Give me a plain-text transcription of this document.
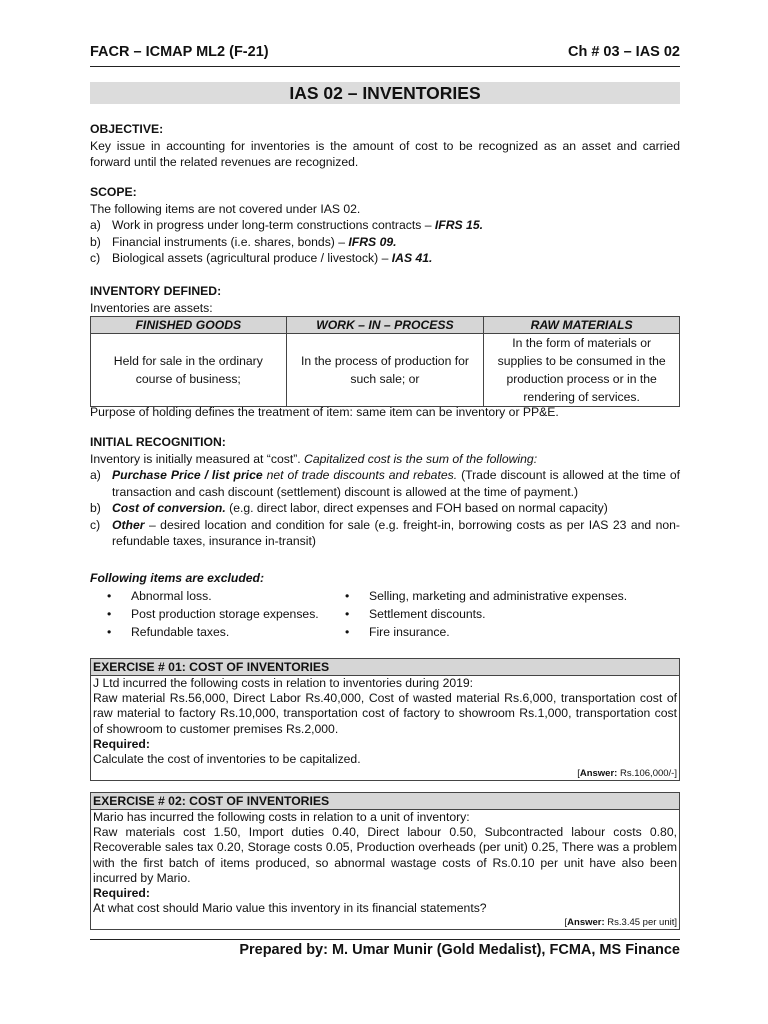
FACR – ICMAP ML2 (F-21)	Ch # 03 – IAS 02
IAS 02 – INVENTORIES
OBJECTIVE:
Key issue in accounting for inventories is the amount of cost to be recognized as an asset and carried forward until the related revenues are recognized.
SCOPE:
The following items are not covered under IAS 02.
a) Work in progress under long-term constructions contracts – IFRS 15.
b) Financial instruments (i.e. shares, bonds) – IFRS 09.
c) Biological assets (agricultural produce / livestock) – IAS 41.
INVENTORY DEFINED:
Inventories are assets:
FINISHED GOODS	WORK – IN – PROCESS	RAW MATERIALS
Held for sale in the ordinary course of business;	In the process of production for such sale; or	In the form of materials or supplies to be consumed in the production process or in the rendering of services.
Purpose of holding defines the treatment of item: same item can be inventory or PP&E.
INITIAL RECOGNITION:
Inventory is initially measured at “cost”. Capitalized cost is the sum of the following:
a) Purchase Price / list price net of trade discounts and rebates. (Trade discount is allowed at the time of transaction and cash discount (settlement) discount is allowed at the time of payment.)
b) Cost of conversion. (e.g. direct labor, direct expenses and FOH based on normal capacity)
c) Other – desired location and condition for sale (e.g. freight-in, borrowing costs as per IAS 23 and non-refundable taxes, insurance in-transit)
Following items are excluded:
• Abnormal loss.
• Post production storage expenses.
• Refundable taxes.
• Selling, marketing and administrative expenses.
• Settlement discounts.
• Fire insurance.
EXERCISE # 01: COST OF INVENTORIES
J Ltd incurred the following costs in relation to inventories during 2019:
Raw material Rs.56,000, Direct Labor Rs.40,000, Cost of wasted material Rs.6,000, transportation cost of raw material to factory Rs.10,000, transportation cost of factory to showroom Rs.1,000, transportation cost of showroom to customer premises Rs.2,000.
Required:
Calculate the cost of inventories to be capitalized.
[Answer: Rs.106,000/-]
EXERCISE # 02: COST OF INVENTORIES
Mario has incurred the following costs in relation to a unit of inventory:
Raw materials cost 1.50, Import duties 0.40, Direct labour 0.50, Subcontracted labour costs 0.80, Recoverable sales tax 0.20, Storage costs 0.05, Production overheads (per unit) 0.25, There was a problem with the first batch of items produced, so abnormal wastage costs of Rs.0.10 per unit have also been incurred by Mario.
Required:
At what cost should Mario value this inventory in its financial statements?
[Answer: Rs.3.45 per unit]
Prepared by: M. Umar Munir (Gold Medalist), FCMA, MS Finance
